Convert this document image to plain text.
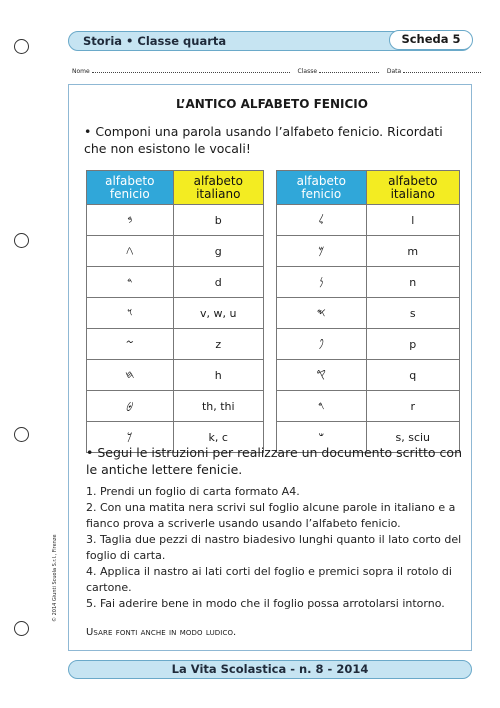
Storia • Classe quarta	Scheda 5
Nome	Classe	Data
L’ANTICO ALFABETO FENICIO
• Componi una parola usando l’alfabeto fenicio. Ricordati che non esistono le vocali!
alfabeto fenicio	alfabeto italiano
𐤁	b
𐤂	g
𐤃	d
𐤅	v, w, u
𐤆	z
𐤇	h
𐤈	th, thi
𐤊	k, c
alfabeto fenicio	alfabeto italiano
𐤋	l
𐤌	m
𐤍	n
𐤎	s
𐤐	p
𐤒	q
𐤓	r
𐤔	s, sciu
• Segui le istruzioni per realizzare un documento scritto con le antiche lettere fenicie.

1. Prendi un foglio di carta formato A4.

2. Con una matita nera scrivi sul foglio alcune parole in italiano e a fianco prova a scriverle usando usando l’alfabeto fenicio.

3. Taglia due pezzi di nastro biadesivo lunghi quanto il lato corto del foglio di carta.

4. Applica il nastro ai lati corti del foglio e premici sopra il rotolo di cartone.

5. Fai aderire bene in modo che il foglio possa arrotolarsi intorno.

Usare fonti anche in modo ludico.
La Vita Scolastica - n. 8 - 2014
© 2014 Giunti Scuola S.r.l., Firenze
